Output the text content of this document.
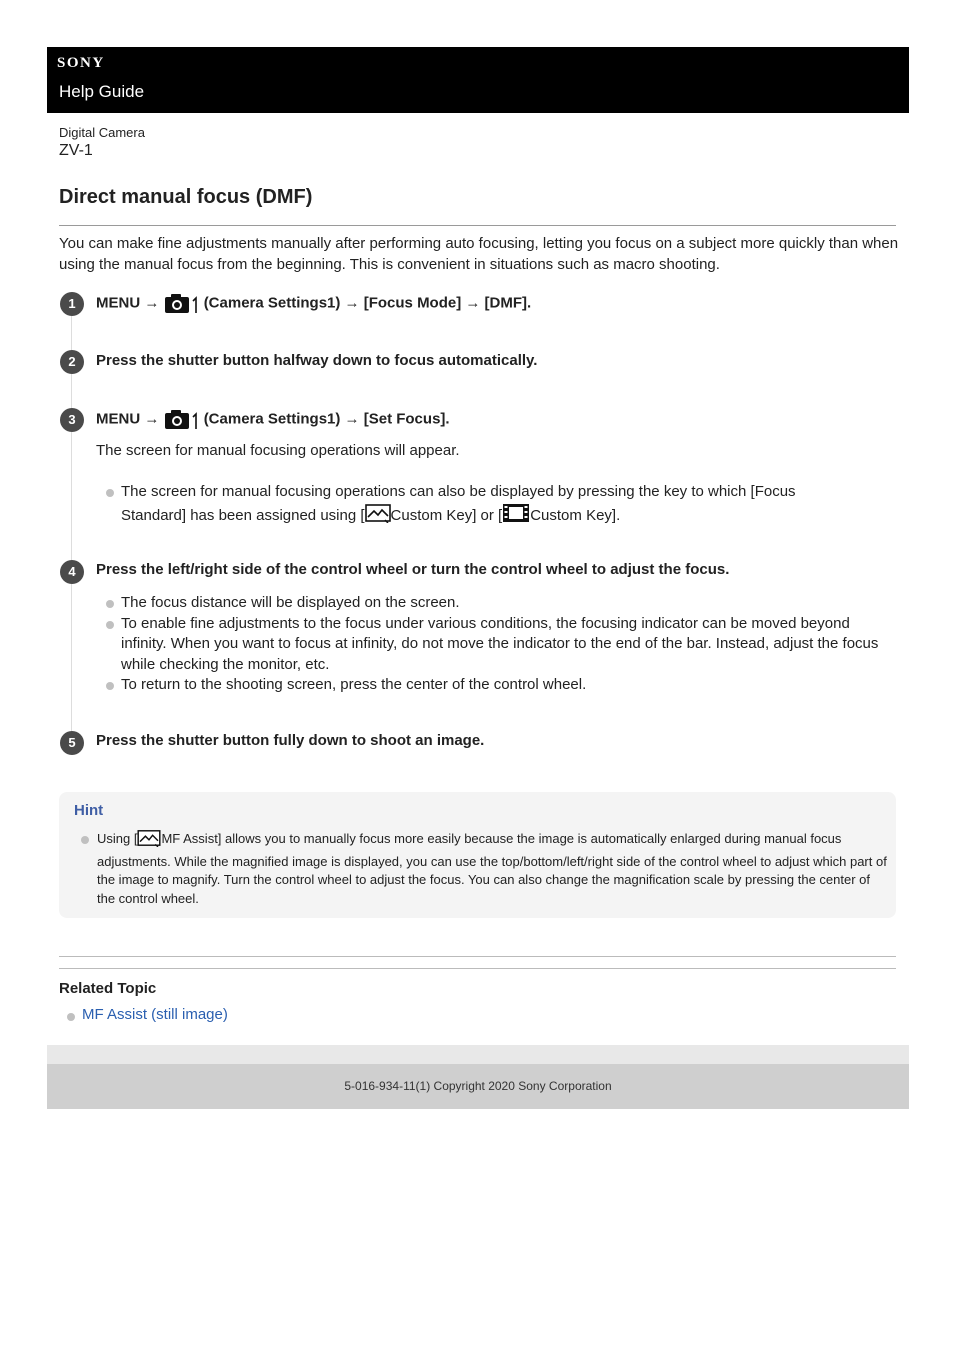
SONY
Help Guide
Digital Camera
ZV-1
Direct manual focus (DMF)
You can make fine adjustments manually after performing auto focusing, letting you focus on a subject more quickly than when using the manual focus from the beginning. This is convenient in situations such as macro shooting.
1	MENU →	(Camera Settings1) → [Focus Mode] → [DMF].
2	Press the shutter button halfway down to focus automatically.
3	MENU →	(Camera Settings1) → [Set Focus].
The screen for manual focusing operations will appear.
The screen for manual focusing operations can also be displayed by pressing the key to which [Focus
Standard] has been assigned using [ Custom Key] or [ Custom Key].
4	Press the left/right side of the control wheel or turn the control wheel to adjust the focus.
The focus distance will be displayed on the screen.
To enable fine adjustments to the focus under various conditions, the focusing indicator can be moved beyond infinity. When you want to focus at infinity, do not move the indicator to the end of the bar. Instead, adjust the focus while checking the monitor, etc.
To return to the shooting screen, press the center of the control wheel.
5	Press the shutter button fully down to shoot an image.
Hint
Using [ MF Assist] allows you to manually focus more easily because the image is automatically enlarged during manual focus adjustments. While the magnified image is displayed, you can use the top/bottom/left/right side of the control wheel to adjust which part of the image to magnify. Turn the control wheel to adjust the focus. You can also change the magnification scale by pressing the center of the control wheel.
Related Topic
MF Assist (still image)
5-016-934-11(1) Copyright 2020 Sony Corporation
